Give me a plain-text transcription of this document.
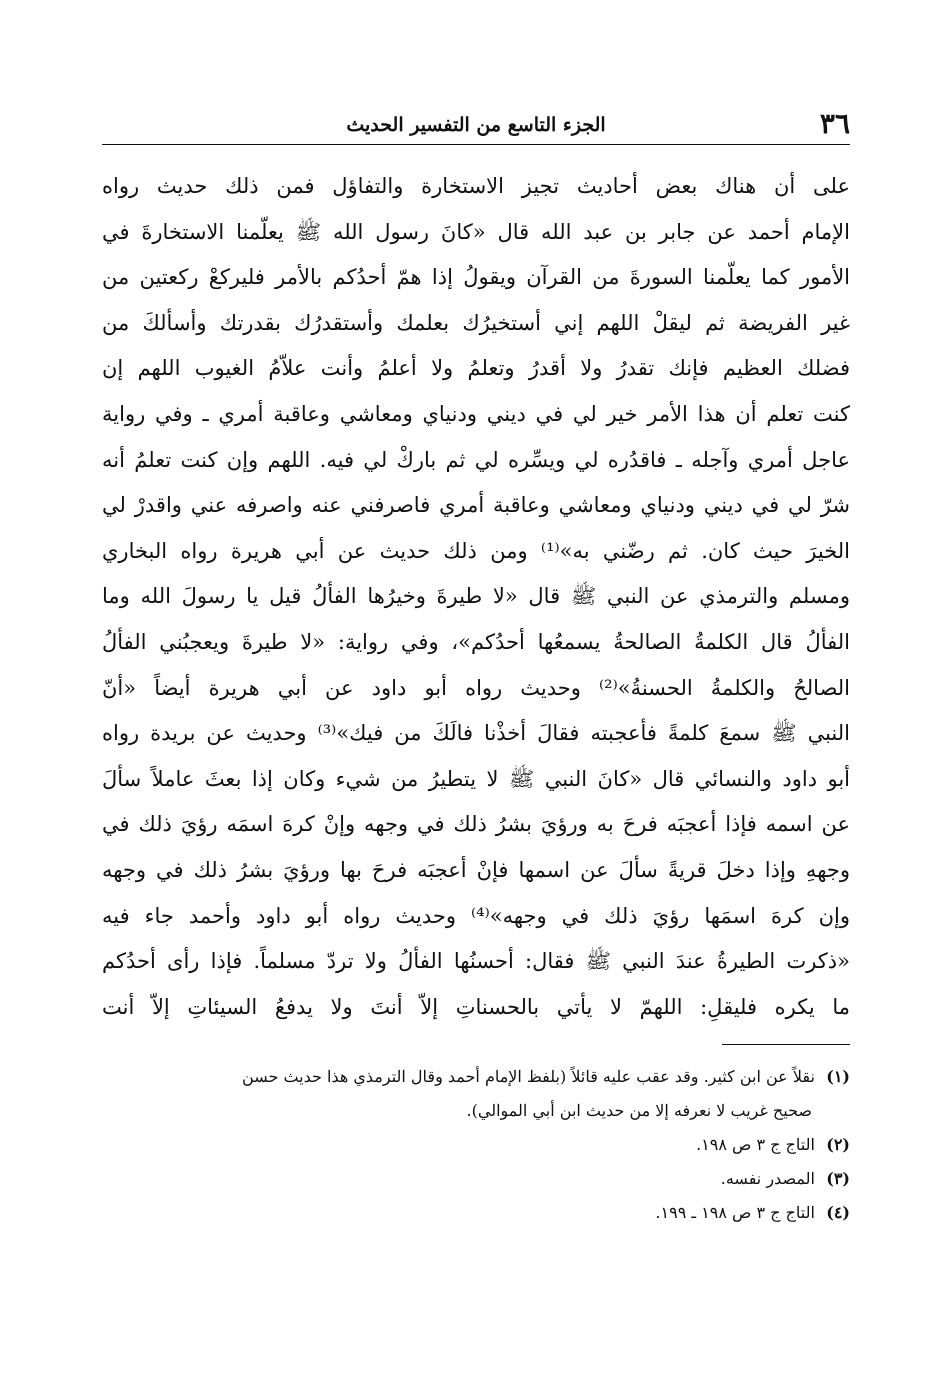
٣٦
الجزء التاسع من التفسير الحديث
على أن هناك بعض أحاديث تجيز الاستخارة والتفاؤل فمن ذلك حديث رواه
الإمام أحمد عن جابر بن عبد الله قال «كانَ رسول الله ﷺ يعلّمنا الاستخارةَ في
الأمور كما يعلّمنا السورةَ من القرآن ويقولُ إذا همّ أحدُكم بالأمر فليركعْ ركعتين من
غير الفريضة ثم ليقلْ اللهم إني أستخيرُك بعلمك وأستقدرُك بقدرتك وأسألكَ من
فضلك العظيم فإنك تقدرُ ولا أقدرُ وتعلمُ ولا أعلمُ وأنت علاّمُ الغيوب اللهم إن
كنت تعلم أن هذا الأمر خير لي في ديني ودنياي ومعاشي وعاقبة أمري ـ وفي رواية
عاجل أمري وآجله ـ فاقدُره لي ويسِّره لي ثم باركْ لي فيه. اللهم وإن كنت تعلمُ أنه
شرّ لي في ديني ودنياي ومعاشي وعاقبة أمري فاصرفني عنه واصرفه عني واقدرْ لي
الخيرَ حيث كان. ثم رضّني به»⁽¹⁾ ومن ذلك حديث عن أبي هريرة رواه البخاري
ومسلم والترمذي عن النبي ﷺ قال «لا طيرةَ وخيرُها الفألُ قيل يا رسولَ الله وما
الفألُ قال الكلمةُ الصالحةُ يسمعُها أحدُكم»، وفي رواية: «لا طيرةَ ويعجبُني الفألُ
الصالحُ والكلمةُ الحسنةُ»⁽²⁾ وحديث رواه أبو داود عن أبي هريرة أيضاً «أنّ
النبي ﷺ سمعَ كلمةً فأعجبته فقالَ أخذْنا فالَكَ من فيك»⁽³⁾ وحديث عن بريدة رواه
أبو داود والنسائي قال «كانَ النبي ﷺ لا يتطيرُ من شيء وكان إذا بعثَ عاملاً سألَ
عن اسمه فإذا أعجبَه فرحَ به ورؤيَ بشرُ ذلك في وجهه وإنْ كرهَ اسمَه رؤيَ ذلك في
وجههِ وإذا دخلَ قريةً سألَ عن اسمها فإنْ أعجبَه فرحَ بها ورؤيَ بشرُ ذلك في وجهه
وإن كرهَ اسمَها رؤيَ ذلك في وجهه»⁽⁴⁾ وحديث رواه أبو داود وأحمد جاء فيه
«ذكرت الطيرةُ عندَ النبي ﷺ فقال: أحسنُها الفألُ ولا تردّ مسلماً. فإذا رأى أحدُكم
ما يكره فليقلِ: اللهمّ لا يأتي بالحسناتِ إلاّ أنتَ ولا يدفعُ السيئاتِ إلاّ أنت
(١) نقلاً عن ابن كثير. وقد عقب عليه قائلاً (بلفظ الإمام أحمد وقال الترمذي هذا حديث حسن
صحيح غريب لا نعرفه إلا من حديث ابن أبي الموالي).
(٢) التاج ج ٣ ص ١٩٨.
(٣) المصدر نفسه.
(٤) التاج ج ٣ ص ١٩٨ ـ ١٩٩.
